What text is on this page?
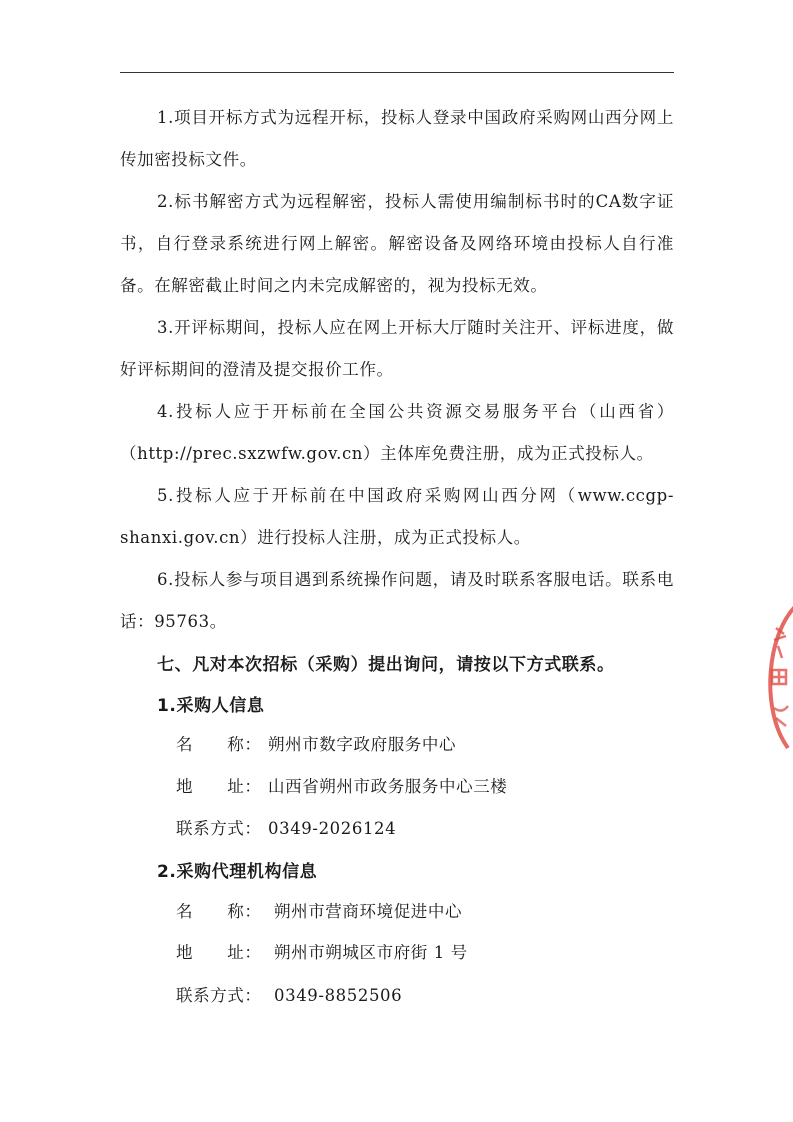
1.项目开标方式为远程开标，投标人登录中国政府采购网山西分网上传加密投标文件。

2.标书解密方式为远程解密，投标人需使用编制标书时的CA数字证书，自行登录系统进行网上解密。解密设备及网络环境由投标人自行准备。在解密截止时间之内未完成解密的，视为投标无效。

3.开评标期间，投标人应在网上开标大厅随时关注开、评标进度，做好评标期间的澄清及提交报价工作。

4.投标人应于开标前在全国公共资源交易服务平台（山西省）（http://prec.sxzwfw.gov.cn）主体库免费注册，成为正式投标人。

5.投标人应于开标前在中国政府采购网山西分网（www.ccgp-shanxi.gov.cn）进行投标人注册，成为正式投标人。

6.投标人参与项目遇到系统操作问题，请及时联系客服电话。联系电话：95763。

七、凡对本次招标（采购）提出询问，请按以下方式联系。

1.采购人信息

名　　称： 朔州市数字政府服务中心
地　　址： 山西省朔州市政务服务中心三楼
联系方式： 0349-2026124

2.采购代理机构信息

名　　称： 朔州市营商环境促进中心
地　　址： 朔州市朔城区市府街 1 号
联系方式： 0349-8852506
